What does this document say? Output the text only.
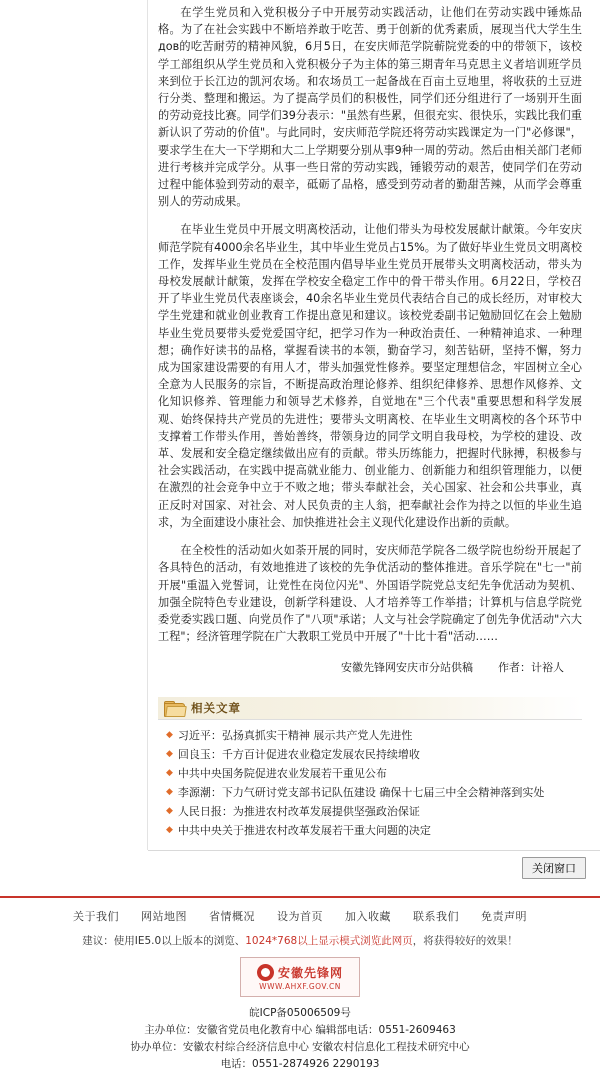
在学生党员和入党积极分子中开展劳动实践活动，让他们在劳动实践中锤炼品格。为了在社会实践中不断培养敢于吃苦、勇于创新的优秀素质，展现当代大学生生дов的吃苦耐劳的精神风貌，6月5日，在安庆师范学院蕲院党委的中的带领下，该校学工部组织从学生党员和入党积极分子为主体的第三期青年马克思主义者培训班学员来到位于长江边的凯河农场。和农场员工一起备战在百亩土豆地里，将收获的土豆进行分类、整理和搬运。为了提高学员们的积极性，同学们还分组进行了一场别开生面的劳动竞技比赛。同学们39分表示："虽然有些累，但很充实、很快乐，实践比我们重新认识了劳动的价值"。与此同时，安庆师范学院还将劳动实践课定为一门"必修课"，要求学生在大一下学期和大二上学期要分别从事9种一周的劳动。然后由相关部门老师进行考核并完成学分。从事一些日常的劳动实践，锤锻劳动的艰苦，使同学们在劳动过程中能体验到劳动的艰辛，砥砺了品格，感受到劳动者的勤甜苦辣，从而学会尊重别人的劳动成果。

在毕业生党员中开展文明离校活动，让他们带头为母校发展献计献策。今年安庆师范学院有4000余名毕业生，其中毕业生党员占15%。为了做好毕业生党员文明离校工作，发挥毕业生党员在全校范围内倡导毕业生党员开展带头文明离校活动，带头为母校发展献计献策，发挥在学校安全稳定工作中的骨干带头作用。6月22日，学校召开了毕业生党员代表座谈会，40余名毕业生党员代表结合自己的成长经历，对审校大学生党建和就业创业教育工作提出意见和建议。该校党委副书记勉励回忆在会上勉励毕业生党员要带头爱党爱国守纪，把学习作为一种政治责任、一种精神追求、一种理想；确作好读书的品格，掌握看读书的本领，勤奋学习，刻苦钻研，坚持不懈，努力成为国家建设需要的有用人才，带头加强党性修养。要坚定理想信念，牢固树立全心全意为人民服务的宗旨，不断提高政治理论修养、组织纪律修养、思想作风修养、文化知识修养、管理能力和领导艺术修养，自觉地在"三个代表"重要思想和科学发展观、始终保持共产党员的先进性；要带头文明离校、在毕业生文明离校的各个环节中支撑着工作带头作用，善始善终，带领身边的同学文明自我母校，为学校的建设、改革、发展和安全稳定继续做出应有的贡献。带头历练能力，把握时代脉搏，积极参与社会实践活动，在实践中提高就业能力、创业能力、创新能力和组织管理能力，以便在激烈的社会竞争中立于不败之地；带头奉献社会，关心国家、社会和公共事业，真正反时对国家、对社会、对人民负责的主人翁，把奉献社会作为持之以恒的毕业生追求，为全面建设小康社会、加快推进社会主义现代化建设作出新的贡献。

在全校性的活动如火如荼开展的同时，安庆师范学院各二级学院也纷纷开展起了各具特色的活动，有效地推进了该校的先争优活动的整体推进。音乐学院在"七一"前开展"重温入党誓词，让党性在岗位闪光"、外国语学院党总支纪先争优活动为契机、加强全院特色专业建设，创新学科建设、人才培养等工作举措；计算机与信息学院党委党委实践口题、向党员作了"八项"承诺；人文与社会学院确定了创先争优活动"六大工程"；经济管理学院在广大教职工党员中开展了"十比十看"活动……

安徽先锋网安庆市分站供稿 作者：计裕人
相关文章
◆ 习近平：弘扬真抓实干精神 展示共产党人先进性
◆ 回良玉：千方百计促进农业稳定发展农民持续增收
◆ 中共中央国务院促进农业发展若干重见公布
◆ 李源潮：下力气研讨党支部书记队伍建设 确保十七届三中全会精神落到实处
◆ 人民日报：为推进农村改革发展提供坚强政治保证
◆ 中共中央关于推进农村改革发展若干重大问题的决定
关闭窗口
关于我们 网站地图 省情概况 设为首页 加入收藏 联系我们 免责声明
建议：使用IE5.0以上版本的浏览、1024*768以上显示模式浏览此网页，将获得较好的效果！
安徽先锋网
WWW.AHXF.GOV.CN
皖ICP备05006509号
主办单位：安徽省党员电化教育中心 编辑部电话：0551-2609463
协办单位：安徽农村综合经济信息中心 安徽农村信息化工程技术研究中心
电话：0551-2874926 2290193
